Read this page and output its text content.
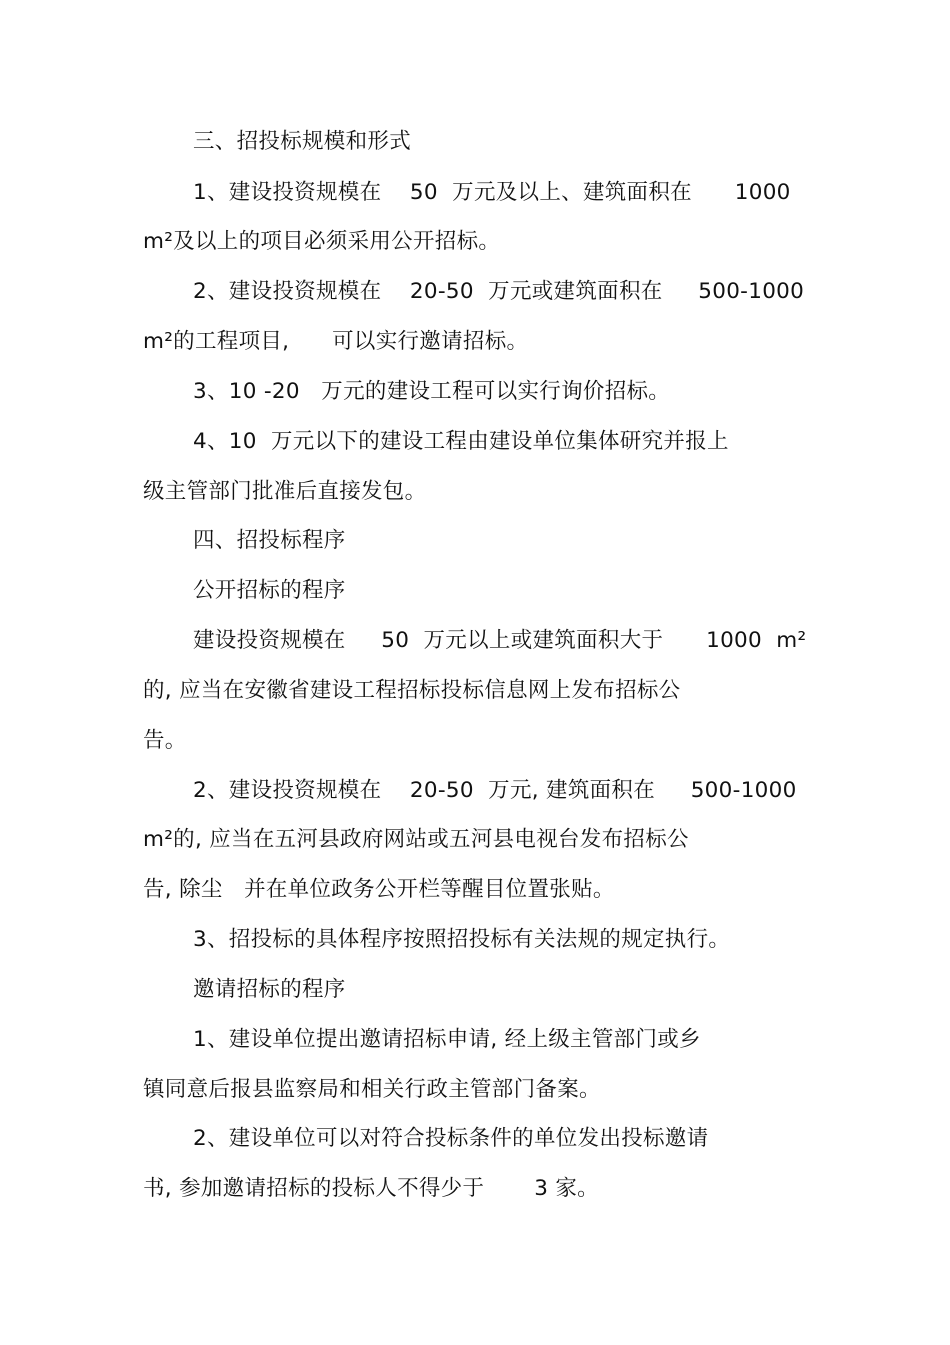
三、招投标规模和形式
1、建设投资规模在    50  万元及以上、建筑面积在      1000
m²及以上的项目必须采用公开招标。
2、建设投资规模在    20-50  万元或建筑面积在     500-1000
m²的工程项目,      可以实行邀请招标。
3、10 -20   万元的建设工程可以实行询价招标。
4、10  万元以下的建设工程由建设单位集体研究并报上
级主管部门批准后直接发包。
四、招投标程序
公开招标的程序
建设投资规模在     50  万元以上或建筑面积大于      1000  m²
的, 应当在安徽省建设工程招标投标信息网上发布招标公
告。
2、建设投资规模在    20-50  万元, 建筑面积在     500-1000
m²的, 应当在五河县政府网站或五河县电视台发布招标公
告, 除尘   并在单位政务公开栏等醒目位置张贴。
3、招投标的具体程序按照招投标有关法规的规定执行。
邀请招标的程序
1、建设单位提出邀请招标申请, 经上级主管部门或乡
镇同意后报县监察局和相关行政主管部门备案。
2、建设单位可以对符合投标条件的单位发出投标邀请
书, 参加邀请招标的投标人不得少于       3 家。
